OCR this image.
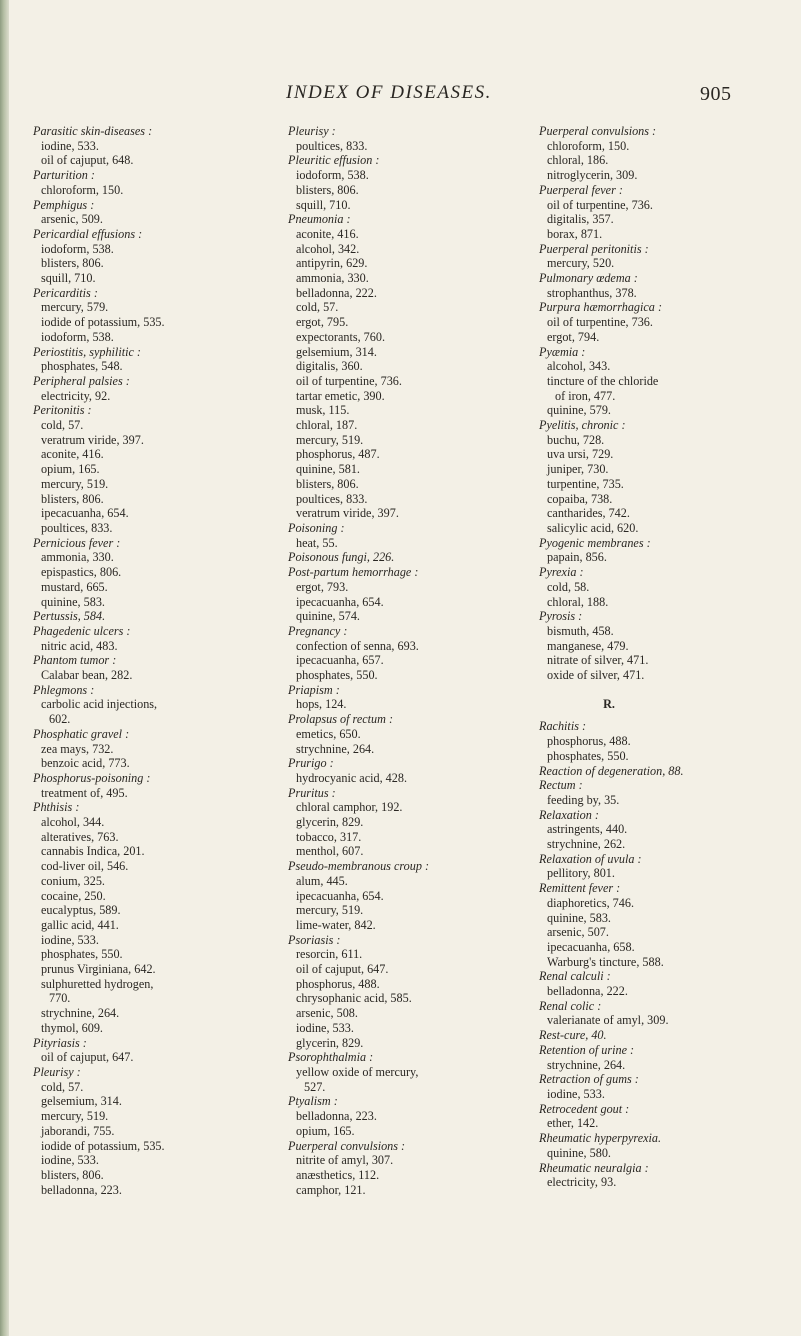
INDEX OF DISEASES.	905
Parasitic skin-diseases :
iodine, 533.
oil of cajuput, 648.
Parturition :
chloroform, 150.
Pemphigus :
arsenic, 509.
Pericardial effusions :
iodoform, 538.
blisters, 806.
squill, 710.
Pericarditis :
mercury, 579.
iodide of potassium, 535.
iodoform, 538.
Periostitis, syphilitic :
phosphates, 548.
Peripheral palsies :
electricity, 92.
Peritonitis :
cold, 57.
veratrum viride, 397.
aconite, 416.
opium, 165.
mercury, 519.
blisters, 806.
ipecacuanha, 654.
poultices, 833.
Pernicious fever :
ammonia, 330.
epispastics, 806.
mustard, 665.
quinine, 583.
Pertussis, 584.
Phagedenic ulcers :
nitric acid, 483.
Phantom tumor :
Calabar bean, 282.
Phlegmons :
carbolic acid injections,
602.
Phosphatic gravel :
zea mays, 732.
benzoic acid, 773.
Phosphorus-poisoning :
treatment of, 495.
Phthisis :
alcohol, 344.
alteratives, 763.
cannabis Indica, 201.
cod-liver oil, 546.
conium, 325.
cocaine, 250.
eucalyptus, 589.
gallic acid, 441.
iodine, 533.
phosphates, 550.
prunus Virginiana, 642.
sulphuretted hydrogen,
770.
strychnine, 264.
thymol, 609.
Pityriasis :
oil of cajuput, 647.
Pleurisy :
cold, 57.
gelsemium, 314.
mercury, 519.
jaborandi, 755.
iodide of potassium, 535.
iodine, 533.
blisters, 806.
belladonna, 223.
Pleurisy :
poultices, 833.
Pleuritic effusion :
iodoform, 538.
blisters, 806.
squill, 710.
Pneumonia :
aconite, 416.
alcohol, 342.
antipyrin, 629.
ammonia, 330.
belladonna, 222.
cold, 57.
ergot, 795.
expectorants, 760.
gelsemium, 314.
digitalis, 360.
oil of turpentine, 736.
tartar emetic, 390.
musk, 115.
chloral, 187.
mercury, 519.
phosphorus, 487.
quinine, 581.
blisters, 806.
poultices, 833.
veratrum viride, 397.
Poisoning :
heat, 55.
Poisonous fungi, 226.
Post-partum hemorrhage :
ergot, 793.
ipecacuanha, 654.
quinine, 574.
Pregnancy :
confection of senna, 693.
ipecacuanha, 657.
phosphates, 550.
Priapism :
hops, 124.
Prolapsus of rectum :
emetics, 650.
strychnine, 264.
Prurigo :
hydrocyanic acid, 428.
Pruritus :
chloral camphor, 192.
glycerin, 829.
tobacco, 317.
menthol, 607.
Pseudo-membranous croup :
alum, 445.
ipecacuanha, 654.
mercury, 519.
lime-water, 842.
Psoriasis :
resorcin, 611.
oil of cajuput, 647.
phosphorus, 488.
chrysophanic acid, 585.
arsenic, 508.
iodine, 533.
glycerin, 829.
Psorophthalmia :
yellow oxide of mercury,
527.
Ptyalism :
belladonna, 223.
opium, 165.
Puerperal convulsions :
nitrite of amyl, 307.
anæsthetics, 112.
camphor, 121.
Puerperal convulsions :
chloroform, 150.
chloral, 186.
nitroglycerin, 309.
Puerperal fever :
oil of turpentine, 736.
digitalis, 357.
borax, 871.
Puerperal peritonitis :
mercury, 520.
Pulmonary œdema :
strophanthus, 378.
Purpura hæmorrhagica :
oil of turpentine, 736.
ergot, 794.
Pyæmia :
alcohol, 343.
tincture of the chloride
of iron, 477.
quinine, 579.
Pyelitis, chronic :
buchu, 728.
uva ursi, 729.
juniper, 730.
turpentine, 735.
copaiba, 738.
cantharides, 742.
salicylic acid, 620.
Pyogenic membranes :
papain, 856.
Pyrexia :
cold, 58.
chloral, 188.
Pyrosis :
bismuth, 458.
manganese, 479.
nitrate of silver, 471.
oxide of silver, 471.
R.
Rachitis :
phosphorus, 488.
phosphates, 550.
Reaction of degeneration, 88.
Rectum :
feeding by, 35.
Relaxation :
astringents, 440.
strychnine, 262.
Relaxation of uvula :
pellitory, 801.
Remittent fever :
diaphoretics, 746.
quinine, 583.
arsenic, 507.
ipecacuanha, 658.
Warburg's tincture, 588.
Renal calculi :
belladonna, 222.
Renal colic :
valerianate of amyl, 309.
Rest-cure, 40.
Retention of urine :
strychnine, 264.
Retraction of gums :
iodine, 533.
Retrocedent gout :
ether, 142.
Rheumatic hyperpyrexia.
quinine, 580.
Rheumatic neuralgia :
electricity, 93.
